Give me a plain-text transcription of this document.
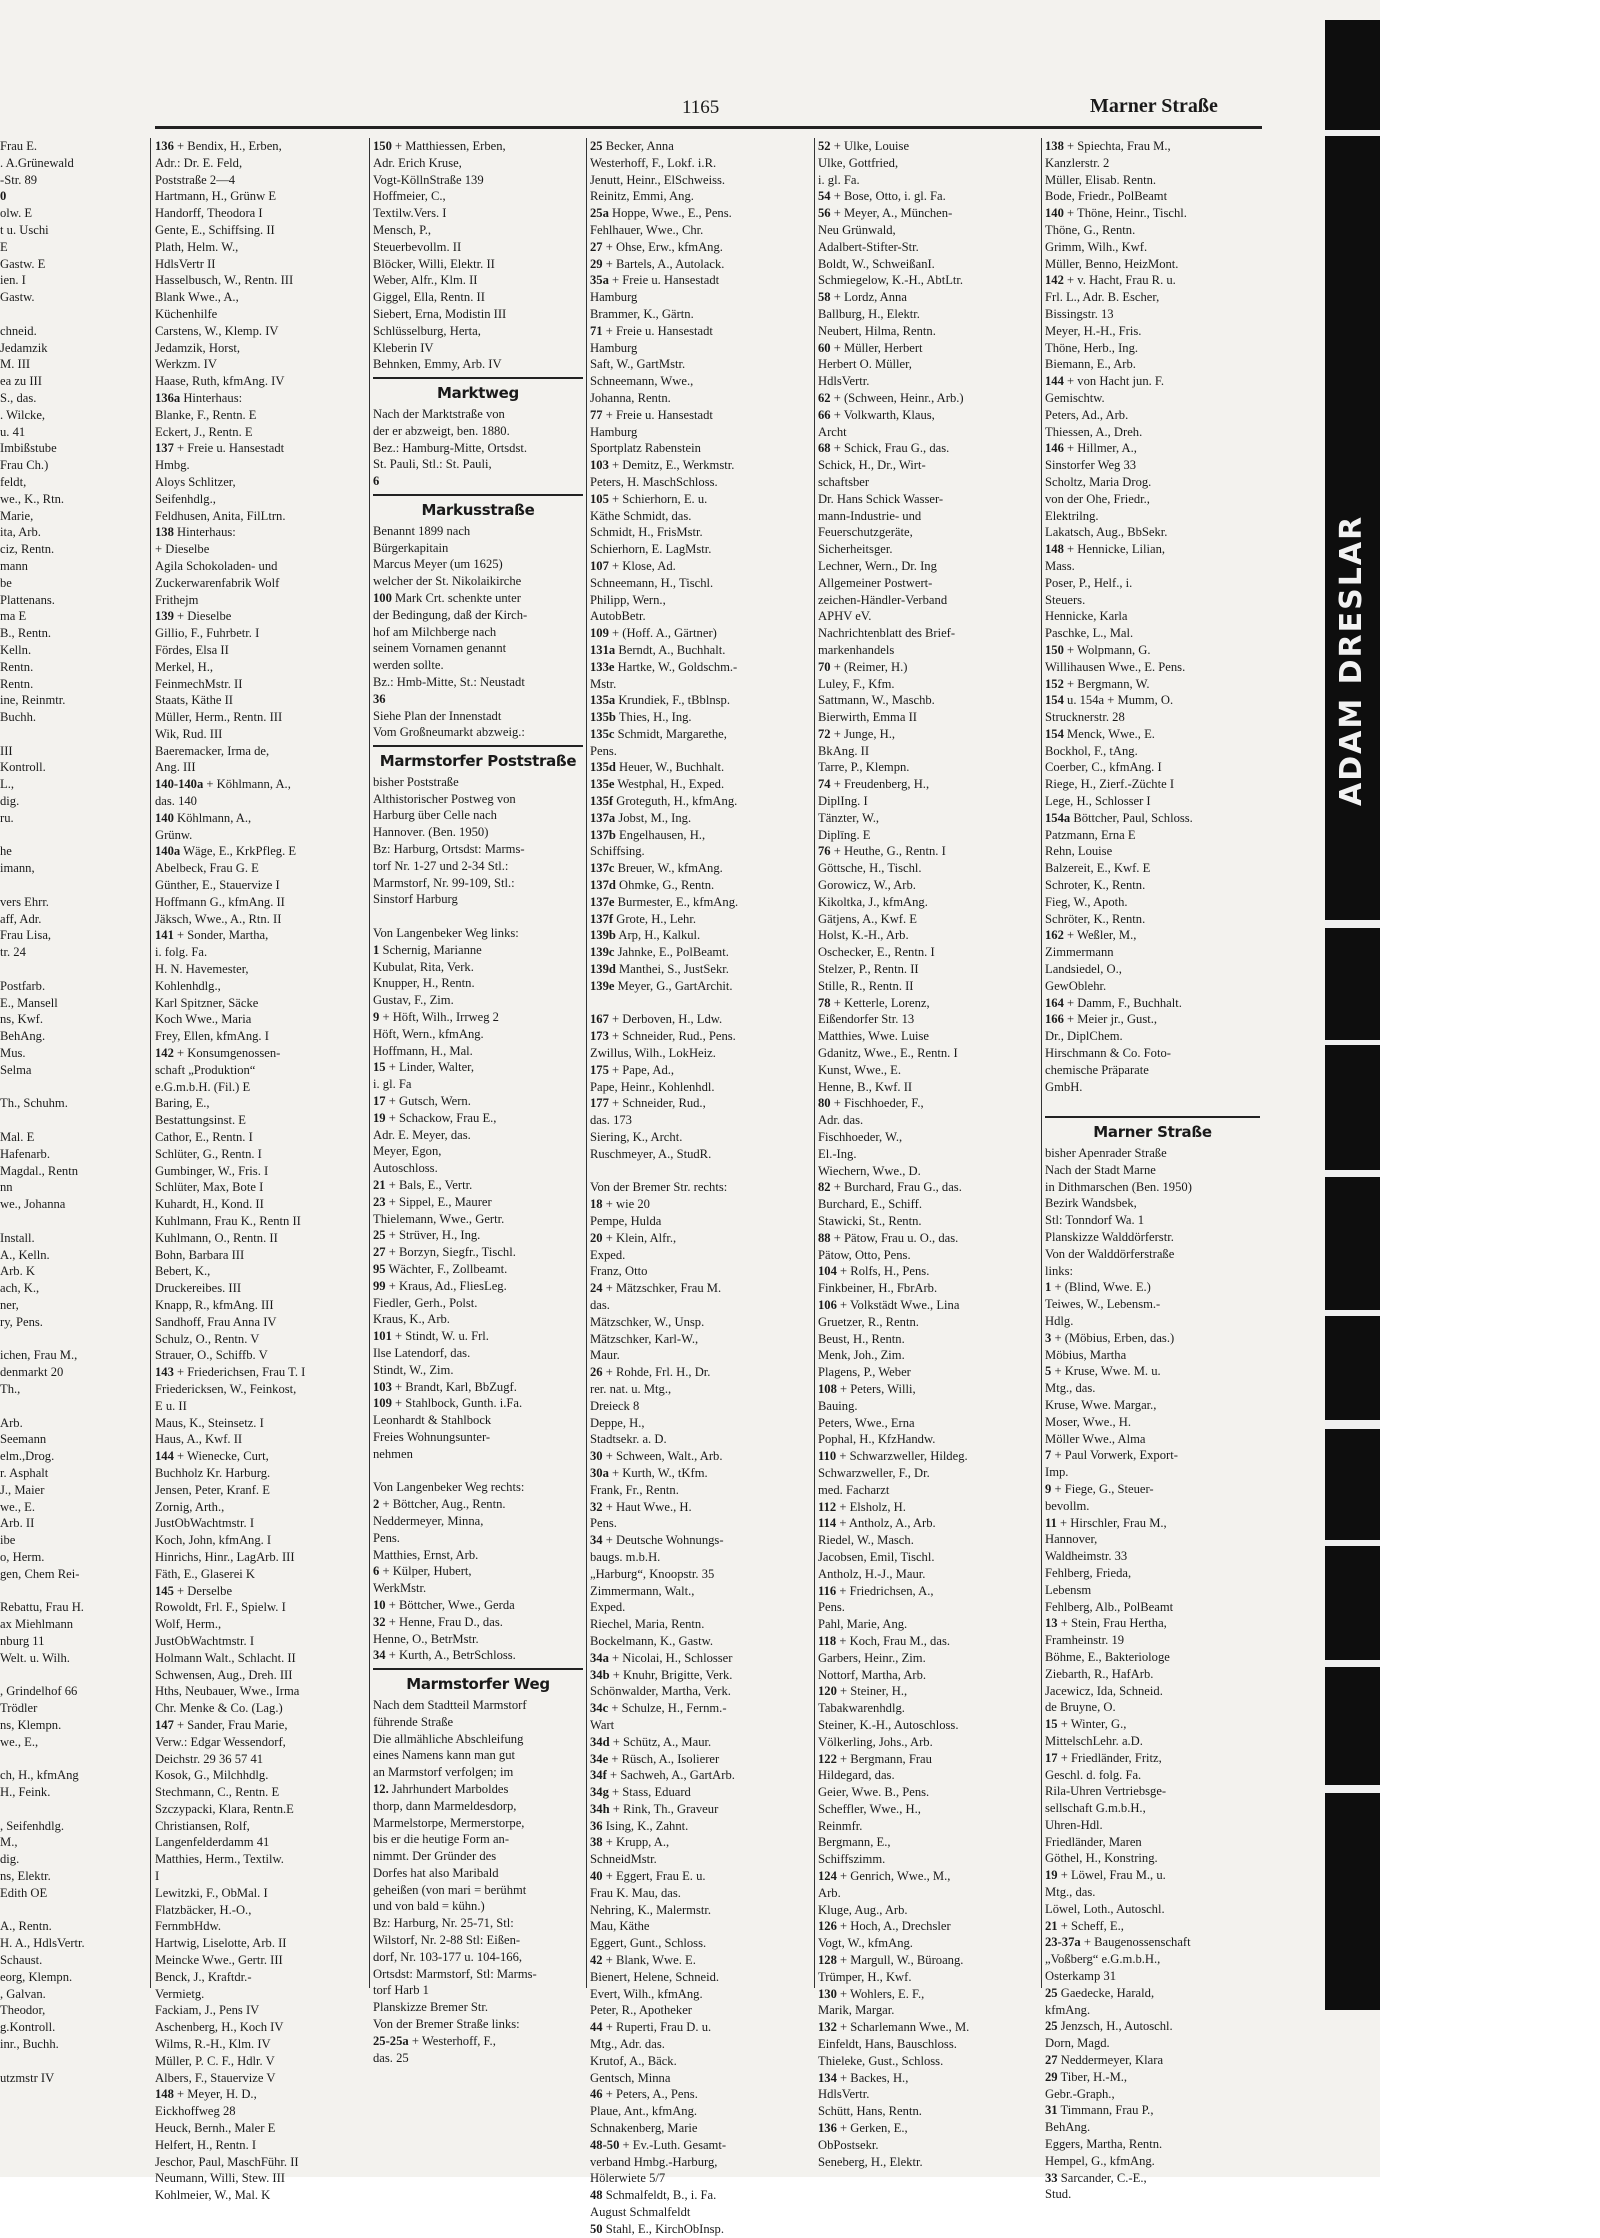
ADAM DRESLAR
1165	Marner Straße
Frau E.
. A.Grünewald
-Str. 89
0
olw. E
t u. Uschi
E
Gastw. E
ien. I
Gastw.

chneid.
Jedamzik
M. III
ea zu III
S., das.
. Wilcke,
u. 41
Imbißstube
Frau Ch.)
feldt,
we., K., Rtn.
Marie,
ita, Arb.
ciz, Rentn.
mann
be
Plattenans.
ma E
B., Rentn.
Kelln.
Rentn.
Rentn.
ine, Reinmtr.
Buchh.

III
Kontroll.
L.,
dig.
ru.

he
imann,

vers Ehrr.
aff, Adr.
Frau Lisa,
tr. 24

Postfarb.
E., Mansell
ns, Kwf.
BehAng.
Mus.
Selma

Th., Schuhm.

Mal. E
Hafenarb.
Magdal., Rentn
nn
we., Johanna

Install.
A., Kelln.
Arb. K
ach, K.,
ner,
ry, Pens.

ichen, Frau M.,
denmarkt 20
Th.,

Arb.
Seemann
elm.,Drog.
r. Asphalt
J., Maier
we., E.
Arb. II
ibe
o, Herm.
gen, Chem Rei-

Rebattu, Frau H.
ax Miehlmann
nburg 11
Welt. u. Wilh.

, Grindelhof 66
Trödler
ns, Klempn.
we., E.,

ch, H., kfmAng
H., Feink.

, Seifenhdlg.
M.,
dig.
ns, Elektr.
Edith OE

A., Rentn.
H. A., HdlsVertr.
Schaust.
eorg, Klempn.
, Galvan.
Theodor,
g.Kontroll.
inr., Buchh.

utzmstr IV
136 + Bendix, H., Erben,
Adr.: Dr. E. Feld,
Poststraße 2—4
Hartmann, H., Grünw E
Handorff, Theodora I
Gente, E., Schiffsing. II
Plath, Helm. W.,
HdlsVertr II
Hasselbusch, W., Rentn. III
Blank Wwe., A.,
Küchenhilfe
Carstens, W., Klemp. IV
Jedamzik, Horst,
Werkzm. IV
Haase, Ruth, kfmAng. IV
136a Hinterhaus:
Blanke, F., Rentn. E
Eckert, J., Rentn. E
137 + Freie u. Hansestadt
Hmbg.
Aloys Schlitzer,
Seifenhdlg.,
Feldhusen, Anita, FilLtrn.
138 Hinterhaus:
+ Dieselbe
Agila Schokoladen- und
Zuckerwarenfabrik Wolf
Frithejm
139 + Dieselbe
Gillio, F., Fuhrbetr. I
Fördes, Elsa II
Merkel, H.,
FeinmechMstr. II
Staats, Käthe II
Müller, Herm., Rentn. III
Wik, Rud. III
Baeremacker, Irma de,
Ang. III
140-140a + Köhlmann, A.,
das. 140
140 Köhlmann, A.,
Grünw.
140a Wäge, E., KrkPfleg. E
Abelbeck, Frau G. E
Günther, E., Stauervize I
Hoffmann G., kfmAng. II
Jäksch, Wwe., A., Rtn. II
141 + Sonder, Martha,
i. folg. Fa.
H. N. Havemester,
Kohlenhdlg.,
Karl Spitzner, Säcke
Koch Wwe., Maria
Frey, Ellen, kfmAng. I
142 + Konsumgenossen-
schaft „Produktion“
e.G.m.b.H. (Fil.) E
Baring, E.,
Bestattungsinst. E
Cathor, E., Rentn. I
Schlüter, G., Rentn. I
Gumbinger, W., Fris. I
Schlüter, Max, Bote I
Kuhardt, H., Kond. II
Kuhlmann, Frau K., Rentn II
Kuhlmann, O., Rentn. II
Bohn, Barbara III
Bebert, K.,
Druckereibes. III
Knapp, R., kfmAng. III
Sandhoff, Frau Anna IV
Schulz, O., Rentn. V
Strauer, O., Schiffb. V
143 + Friederichsen, Frau T. I
Friedericksen, W., Feinkost,
E u. II
Maus, K., Steinsetz. I
Haus, A., Kwf. II
144 + Wienecke, Curt,
Buchholz Kr. Harburg.
Jensen, Peter, Kranf. E
Zornig, Arth.,
JustObWachtmstr. I
Koch, John, kfmAng. I
Hinrichs, Hinr., LagArb. III
Fäth, E., Glaserei K
145 + Derselbe
Rowoldt, Frl. F., Spielw. I
Wolf, Herm.,
JustObWachtmstr. I
Holmann Walt., Schlacht. II
Schwensen, Aug., Dreh. III
Hths, Neubauer, Wwe., Irma
Chr. Menke & Co. (Lag.)
147 + Sander, Frau Marie,
Verw.: Edgar Wessendorf,
Deichstr. 29 36 57 41
Kosok, G., Milchhdlg.
Stechmann, C., Rentn. E
Szczypacki, Klara, Rentn.E
Christiansen, Rolf,
Langenfelderdamm 41
Matthies, Herm., Textilw.
I
Lewitzki, F., ObMal. I
Flatzbäcker, H.-O.,
FernmbHdw.
Hartwig, Liselotte, Arb. II
Meincke Wwe., Gertr. III
Benck, J., Kraftdr.-
Vermietg.
Fackiam, J., Pens IV
Aschenberg, H., Koch IV
Wilms, R.-H., Klm. IV
Müller, P. C. F., Hdlr. V
Albers, F., Stauervize V
148 + Meyer, H. D.,
Eickhoffweg 28
Heuck, Bernh., Maler E
Helfert, H., Rentn. I
Jeschor, Paul, MaschFühr. II
Neumann, Willi, Stew. III
Kohlmeier, W., Mal. K
150 + Matthiessen, Erben,
Adr. Erich Kruse,
Vogt-KöllnStraße 139
Hoffmeier, C.,
Textilw.Vers. I
Mensch, P.,
Steuerbevollm. II
Blöcker, Willi, Elektr. II
Weber, Alfr., Klm. II
Giggel, Ella, Rentn. II
Siebert, Erna, Modistin III
Schlüsselburg, Herta,
Kleberin IV
Behnken, Emmy, Arb. IV
Marktweg
Nach der Marktstraße von
der er abzweigt, ben. 1880.
Bez.: Hamburg-Mitte, Ortsdst.
St. Pauli, Stl.: St. Pauli,
6
Markusstraße
Benannt 1899 nach
Bürgerkapitain
Marcus Meyer (um 1625)
welcher der St. Nikolaikirche
100 Mark Crt. schenkte unter
der Bedingung, daß der Kirch-
hof am Milchberge nach
seinem Vornamen genannt
werden sollte.
Bz.: Hmb-Mitte, St.: Neustadt
36
Siehe Plan der Innenstadt
Vom Großneumarkt abzweig.:
Marmstorfer Poststraße
bisher Poststraße
Althistorischer Postweg von
Harburg über Celle nach
Hannover. (Ben. 1950)
Bz: Harburg, Ortsdst: Marms-
torf Nr. 1-27 und 2-34 Stl.:
Marmstorf, Nr. 99-109, Stl.:
Sinstorf Harburg

Von Langenbeker Weg links:
1 Schernig, Marianne
Kubulat, Rita, Verk.
Knupper, H., Rentn.
Gustav, F., Zim.
9 + Höft, Wilh., Irrweg 2
Höft, Wern., kfmAng.
Hoffmann, H., Mal.
15 + Linder, Walter,
i. gl. Fa
17 + Gutsch, Wern.
19 + Schackow, Frau E.,
Adr. E. Meyer, das.
Meyer, Egon,
Autoschloss.
21 + Bals, E., Vertr.
23 + Sippel, E., Maurer
Thielemann, Wwe., Gertr.
25 + Strüver, H., Ing.
27 + Borzyn, Siegfr., Tischl.
95 Wächter, F., Zollbeamt.
99 + Kraus, Ad., FliesLeg.
Fiedler, Gerh., Polst.
Kraus, K., Arb.
101 + Stindt, W. u. Frl.
Ilse Latendorf, das.
Stindt, W., Zim.
103 + Brandt, Karl, BbZugf.
109 + Stahlbock, Gunth. i.Fa.
Leonhardt & Stahlbock
Freies Wohnungsunter-
nehmen

Von Langenbeker Weg rechts:
2 + Böttcher, Aug., Rentn.
Neddermeyer, Minna,
Pens.
Matthies, Ernst, Arb.
6 + Külper, Hubert,
WerkMstr.
10 + Böttcher, Wwe., Gerda
32 + Henne, Frau D., das.
Henne, O., BetrMstr.
34 + Kurth, A., BetrSchloss.
Marmstorfer Weg
Nach dem Stadtteil Marmstorf
führende Straße
Die allmähliche Abschleifung
eines Namens kann man gut
an Marmstorf verfolgen; im
12. Jahrhundert Marboldes
thorp, dann Marmeldesdorp,
Marmelstorpe, Mermerstorpe,
bis er die heutige Form an-
nimmt. Der Gründer des
Dorfes hat also Maribald
geheißen (von mari = berühmt
und von bald = kühn.)
Bz: Harburg, Nr. 25-71, Stl:
Wilstorf, Nr. 2-88 Stl: Eißen-
dorf, Nr. 103-177 u. 104-166,
Ortsdst: Marmstorf, Stl: Marms-
torf Harb 1
Planskizze Bremer Str.
Von der Bremer Straße links:
25-25a + Westerhoff, F.,
das. 25
25 Becker, Anna
Westerhoff, F., Lokf. i.R.
Jenutt, Heinr., ElSchweiss.
Reinitz, Emmi, Ang.
25a Hoppe, Wwe., E., Pens.
Fehlhauer, Wwe., Chr.
27 + Ohse, Erw., kfmAng.
29 + Bartels, A., Autolack.
35a + Freie u. Hansestadt
Hamburg
Brammer, K., Gärtn.
71 + Freie u. Hansestadt
Hamburg
Saft, W., GartMstr.
Schneemann, Wwe.,
Johanna, Rentn.
77 + Freie u. Hansestadt
Hamburg
Sportplatz Rabenstein
103 + Demitz, E., Werkmstr.
Peters, H. MaschSchloss.
105 + Schierhorn, E. u.
Käthe Schmidt, das.
Schmidt, H., FrisMstr.
Schierhorn, E. LagMstr.
107 + Klose, Ad.
Schneemann, H., Tischl.
Philipp, Wern.,
AutobBetr.
109 + (Hoff. A., Gärtner)
131a Berndt, A., Buchhalt.
133e Hartke, W., Goldschm.-
Mstr.
135a Krundiek, F., tBblnsp.
135b Thies, H., Ing.
135c Schmidt, Margarethe,
Pens.
135d Heuer, W., Buchhalt.
135e Westphal, H., Exped.
135f Groteguth, H., kfmAng.
137a Jobst, M., Ing.
137b Engelhausen, H.,
Schiffsing.
137c Breuer, W., kfmAng.
137d Ohmke, G., Rentn.
137e Burmester, E., kfmAng.
137f Grote, H., Lehr.
139b Arp, H., Kalkul.
139c Jahnke, E., PolBeamt.
139d Manthei, S., JustSekr.
139e Meyer, G., GartArchit.

167 + Derboven, H., Ldw.
173 + Schneider, Rud., Pens.
Zwillus, Wilh., LokHeiz.
175 + Pape, Ad.,
Pape, Heinr., Kohlenhdl.
177 + Schneider, Rud.,
das. 173
Siering, K., Archt.
Ruschmeyer, A., StudR.

Von der Bremer Str. rechts:
18 + wie 20
Pempe, Hulda
20 + Klein, Alfr.,
Exped.
Franz, Otto
24 + Mätzschker, Frau M.
das.
Mätzschker, W., Unsp.
Mätzschker, Karl-W.,
Maur.
26 + Rohde, Frl. H., Dr.
rer. nat. u. Mtg.,
Dreieck 8
Deppe, H.,
Stadtsekr. a. D.
30 + Schween, Walt., Arb.
30a + Kurth, W., tKfm.
Frank, Fr., Rentn.
32 + Haut Wwe., H.
Pens.
34 + Deutsche Wohnungs-
baugs. m.b.H.
„Harburg“, Knoopstr. 35
Zimmermann, Walt.,
Exped.
Riechel, Maria, Rentn.
Bockelmann, K., Gastw.
34a + Nicolai, H., Schlosser
34b + Knuhr, Brigitte, Verk.
Schönwalder, Martha, Verk.
34c + Schulze, H., Fernm.-
Wart
34d + Schütz, A., Maur.
34e + Rüsch, A., Isolierer
34f + Sachweh, A., GartArb.
34g + Stass, Eduard
34h + Rink, Th., Graveur
36 Ising, K., Zahnt.
38 + Krupp, A.,
SchneidMstr.
40 + Eggert, Frau E. u.
Frau K. Mau, das.
Nehring, K., Malermstr.
Mau, Käthe
Eggert, Gunt., Schloss.
42 + Blank, Wwe. E.
Bienert, Helene, Schneid.
Evert, Wilh., kfmAng.
Peter, R., Apotheker
44 + Ruperti, Frau D. u.
Mtg., Adr. das.
Krutof, A., Bäck.
Gentsch, Minna
46 + Peters, A., Pens.
Plaue, Ant., kfmAng.
Schnakenberg, Marie
48-50 + Ev.-Luth. Gesamt-
verband Hmbg.-Harburg,
Hölerwiete 5/7
48 Schmalfeldt, B., i. Fa.
August Schmalfeldt
50 Stahl, E., KirchObInsp.
52 + Ulke, Louise
Ulke, Gottfried,
i. gl. Fa.
54 + Bose, Otto, i. gl. Fa.
56 + Meyer, A., München-
Neu Grünwald,
Adalbert-Stifter-Str.
Boldt, W., SchweißanI.
Schmiegelow, K.-H., AbtLtr.
58 + Lordz, Anna
Ballburg, H., Elektr.
Neubert, Hilma, Rentn.
60 + Müller, Herbert
Herbert O. Müller,
HdlsVertr.
62 + (Schween, Heinr., Arb.)
66 + Volkwarth, Klaus,
Archt
68 + Schick, Frau G., das.
Schick, H., Dr., Wirt-
schaftsber
Dr. Hans Schick Wasser-
mann-Industrie- und
Feuerschutzgeräte,
Sicherheitsger.
Lechner, Wern., Dr. Ing
Allgemeiner Postwert-
zeichen-Händler-Verband
APHV eV.
Nachrichtenblatt des Brief-
markenhandels
70 + (Reimer, H.)
Luley, F., Kfm.
Sattmann, W., Maschb.
Bierwirth, Emma II
72 + Junge, H.,
BkAng. II
Tarre, P., Klempn.
74 + Freudenberg, H.,
DiplIng. I
Tänzter, W.,
Diplīng. E
76 + Heuthe, G., Rentn. I
Göttsche, H., Tischl.
Gorowicz, W., Arb.
Kikoltka, J., kfmAng.
Gätjens, A., Kwf. E
Holst, K.-H., Arb.
Oschecker, E., Rentn. I
Stelzer, P., Rentn. II
Stille, R., Rentn. II
78 + Ketterle, Lorenz,
Eißendorfer Str. 13
Matthies, Wwe. Luise
Gdanitz, Wwe., E., Rentn. I
Kunst, Wwe., E.
Henne, B., Kwf. II
80 + Fischhoeder, F.,
Adr. das.
Fischhoeder, W.,
El.-Ing.
Wiechern, Wwe., D.
82 + Burchard, Frau G., das.
Burchard, E., Schiff.
Stawicki, St., Rentn.
88 + Pätow, Frau u. O., das.
Pätow, Otto, Pens.
104 + Rolfs, H., Pens.
Finkbeiner, H., FbrArb.
106 + Volkstädt Wwe., Lina
Gruetzer, R., Rentn.
Beust, H., Rentn.
Menk, Joh., Zim.
Plagens, P., Weber
108 + Peters, Willi,
Bauing.
Peters, Wwe., Erna
Pophal, H., KfzHandw.
110 + Schwarzweller, Hildeg.
Schwarzweller, F., Dr.
med. Facharzt
112 + Elsholz, H.
114 + Antholz, A., Arb.
Riedel, W., Masch.
Jacobsen, Emil, Tischl.
Antholz, H.-J., Maur.
116 + Friedrichsen, A.,
Pens.
Pahl, Marie, Ang.
118 + Koch, Frau M., das.
Garbers, Heinr., Zim.
Nottorf, Martha, Arb.
120 + Steiner, H.,
Tabakwarenhdlg.
Steiner, K.-H., Autoschloss.
Völkerling, Johs., Arb.
122 + Bergmann, Frau
Hildegard, das.
Geier, Wwe. B., Pens.
Scheffler, Wwe., H.,
Reinmfr.
Bergmann, E.,
Schiffszimm.
124 + Genrich, Wwe., M.,
Arb.
Kluge, Aug., Arb.
126 + Hoch, A., Drechsler
Vogt, W., kfmAng.
128 + Margull, W., Büroang.
Trümper, H., Kwf.
130 + Wohlers, E. F.,
Marik, Margar.
132 + Scharlemann Wwe., M.
Einfeldt, Hans, Bauschloss.
Thieleke, Gust., Schloss.
134 + Backes, H.,
HdlsVertr.
Schütt, Hans, Rentn.
136 + Gerken, E.,
ObPostsekr.
Seneberg, H., Elektr.
138 + Spiechta, Frau M.,
Kanzlerstr. 2
Müller, Elisab. Rentn.
Bode, Friedr., PolBeamt
140 + Thöne, Heinr., Tischl.
Thöne, G., Rentn.
Grimm, Wilh., Kwf.
Müller, Benno, HeizMont.
142 + v. Hacht, Frau R. u.
Frl. L., Adr. B. Escher,
Bissingstr. 13
Meyer, H.-H., Fris.
Thöne, Herb., Ing.
Biemann, E., Arb.
144 + von Hacht jun. F.
Gemischtw.
Peters, Ad., Arb.
Thiessen, A., Dreh.
146 + Hillmer, A.,
Sinstorfer Weg 33
Scholtz, Maria Drog.
von der Ohe, Friedr.,
Elektrilng.
Lakatsch, Aug., BbSekr.
148 + Hennicke, Lilian,
Mass.
Poser, P., Helf., i.
Steuers.
Hennicke, Karla
Paschke, L., Mal.
150 + Wolpmann, G.
Willihausen Wwe., E. Pens.
152 + Bergmann, W.
154 u. 154a + Mumm, O.
Strucknerstr. 28
154 Menck, Wwe., E.
Bockhol, F., tAng.
Coerber, C., kfmAng. I
Riege, H., Zierf.-Züchte I
Lege, H., Schlosser I
154a Böttcher, Paul, Schloss.
Patzmann, Erna E
Rehn, Louise
Balzereit, E., Kwf. E
Schroter, K., Rentn.
Fieg, W., Apoth.
Schröter, K., Rentn.
162 + Weßler, M.,
Zimmermann
Landsiedel, O.,
GewOblehr.
164 + Damm, F., Buchhalt.
166 + Meier jr., Gust.,
Dr., DiplChem.
Hirschmann & Co. Foto-
chemische Präparate
GmbH.

Marner Straße
bisher Apenrader Straße
Nach der Stadt Marne
in Dithmarschen (Ben. 1950)
Bezirk Wandsbek,
Stl: Tonndorf Wa. 1
Planskizze Walddörferstr.
Von der Walddörferstraße
links:
1 + (Blind, Wwe. E.)
Teiwes, W., Lebensm.-
Hdlg.
3 + (Möbius, Erben, das.)
Möbius, Martha
5 + Kruse, Wwe. M. u.
Mtg., das.
Kruse, Wwe. Margar.,
Moser, Wwe., H.
Möller Wwe., Alma
7 + Paul Vorwerk, Export-
Imp.
9 + Fiege, G., Steuer-
bevollm.
11 + Hirschler, Frau M.,
Hannover,
Waldheimstr. 33
Fehlberg, Frieda,
Lebensm
Fehlberg, Alb., PolBeamt
13 + Stein, Frau Hertha,
Framheinstr. 19
Böhme, E., Bakteriologe
Ziebarth, R., HafArb.
Jacewicz, Ida, Schneid.
de Bruyne, O.
15 + Winter, G.,
MittelschLehr. a.D.
17 + Friedländer, Fritz,
Geschl. d. folg. Fa.
Rila-Uhren Vertriebsge-
sellschaft G.m.b.H.,
Uhren-Hdl.
Friedländer, Maren
Göthel, H., Konstring.
19 + Löwel, Frau M., u.
Mtg., das.
Löwel, Loth., Autoschl.
21 + Scheff, E.,
23-37a + Baugenossenschaft
„Voßberg“ e.G.m.b.H.,
Osterkamp 31
25 Gaedecke, Harald,
kfmAng.
25 Jenzsch, H., Autoschl.
Dorn, Magd.
27 Neddermeyer, Klara
29 Tiber, H.-M.,
Gebr.-Graph.,
31 Timmann, Frau P.,
BehAng.
Eggers, Martha, Rentn.
Hempel, G., kfmAng.
33 Sarcander, C.-E.,
Stud.
